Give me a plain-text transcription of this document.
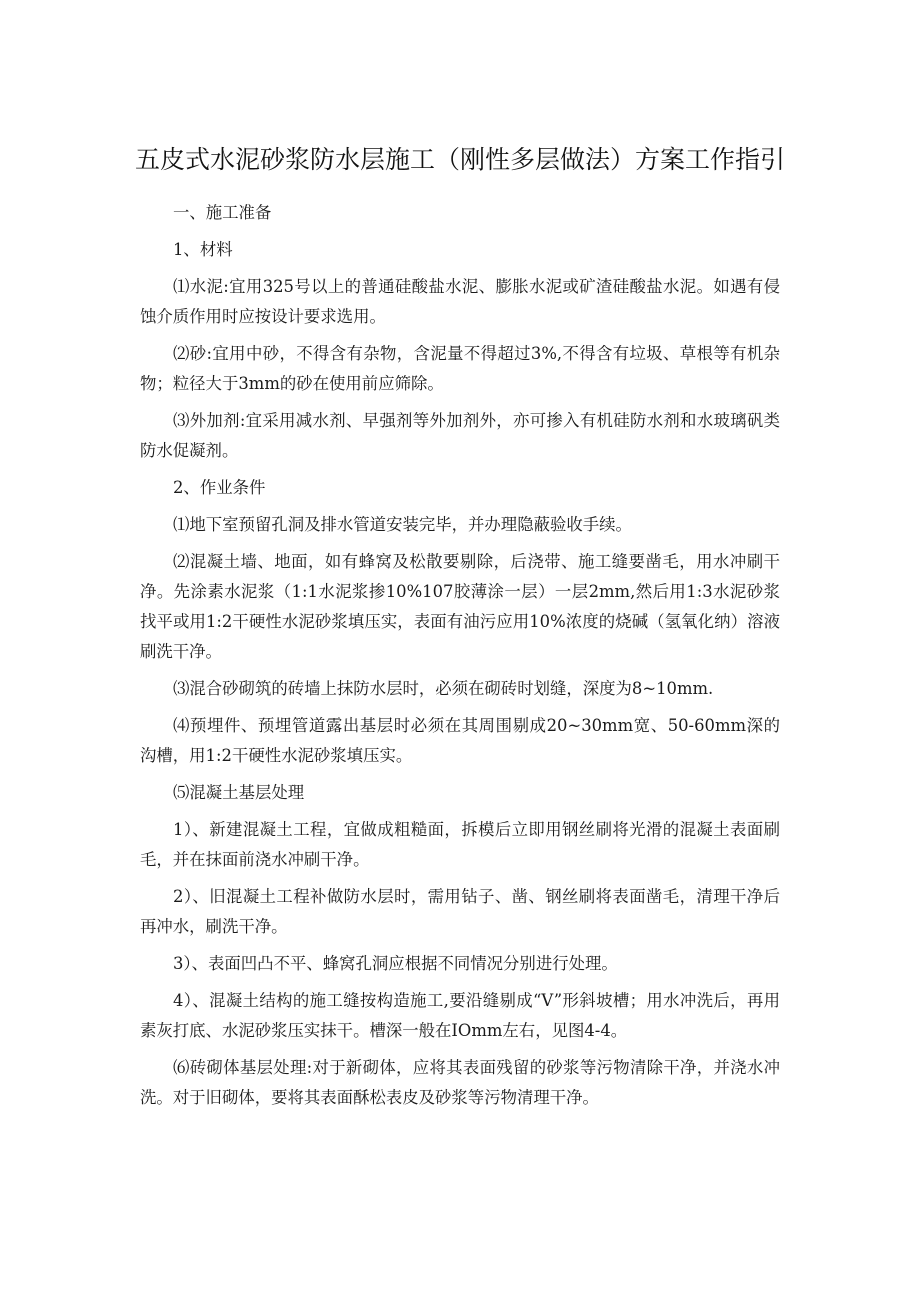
五皮式水泥砂浆防水层施工（刚性多层做法）方案工作指引

一、施工准备

1、材料

⑴水泥:宜用325号以上的普通硅酸盐水泥、膨胀水泥或矿渣硅酸盐水泥。如遇有侵蚀介质作用时应按设计要求选用。

⑵砂:宜用中砂，不得含有杂物，含泥量不得超过3%,不得含有垃圾、草根等有机杂物；粒径大于3mm的砂在使用前应筛除。

⑶外加剂:宜采用减水剂、早强剂等外加剂外，亦可掺入有机硅防水剂和水玻璃矾类防水促凝剂。

2、作业条件

⑴地下室预留孔洞及排水管道安装完毕，并办理隐蔽验收手续。

⑵混凝土墙、地面，如有蜂窝及松散要剔除，后浇带、施工缝要凿毛，用水冲刷干净。先涂素水泥浆（1:1水泥浆掺10%107胶薄涂一层）一层2mm,然后用1:3水泥砂浆找平或用1:2干硬性水泥砂浆填压实，表面有油污应用10%浓度的烧碱（氢氧化纳）溶液刷洗干净。

⑶混合砂砌筑的砖墙上抹防水层时，必须在砌砖时划缝，深度为8~10mm.

⑷预埋件、预埋管道露出基层时必须在其周围剔成20~30mm宽、50-60mm深的沟槽，用1:2干硬性水泥砂浆填压实。

⑸混凝土基层处理

1）、新建混凝土工程，宜做成粗糙面，拆模后立即用钢丝刷将光滑的混凝土表面刷毛，并在抹面前浇水冲刷干净。

2）、旧混凝土工程补做防水层时，需用钻子、凿、钢丝刷将表面凿毛，清理干净后再冲水，刷洗干净。

3）、表面凹凸不平、蜂窝孔洞应根据不同情况分别进行处理。

4）、混凝土结构的施工缝按构造施工,要沿缝剔成“V”形斜坡槽；用水冲洗后，再用素灰打底、水泥砂浆压实抹干。槽深一般在IOmm左右，见图4-4。

⑹砖砌体基层处理:对于新砌体，应将其表面残留的砂浆等污物清除干净，并浇水冲洗。对于旧砌体，要将其表面酥松表皮及砂浆等污物清理干净。
